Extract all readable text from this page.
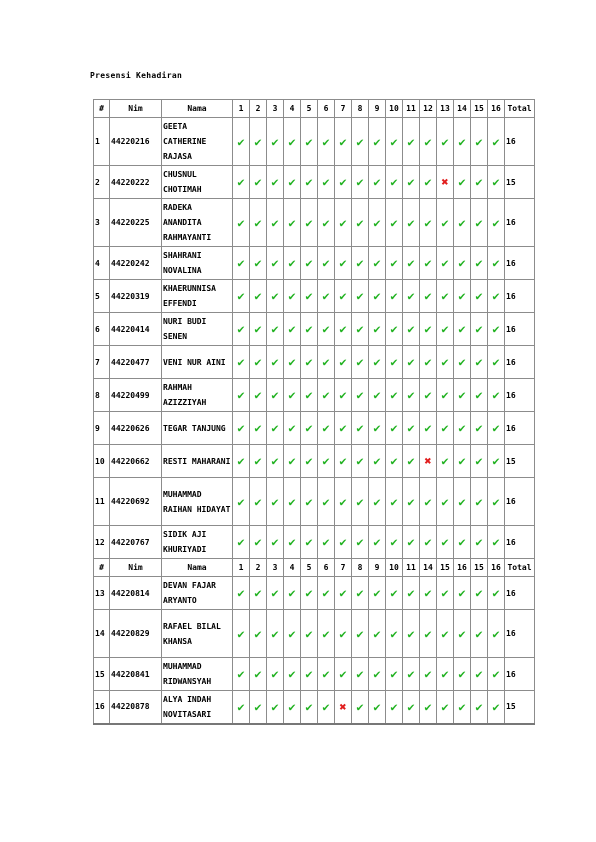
Presensi Kehadiran
#	Nim	Nama	1	2	3	4	5	6	7	8	9	10	11	12	13	14	15	16	Total
1	44220216	GEETA CATHERINE RAJASA	✔	✔	✔	✔	✔	✔	✔	✔	✔	✔	✔	✔	✔	✔	✔	✔	16
2	44220222	CHUSNUL CHOTIMAH	✔	✔	✔	✔	✔	✔	✔	✔	✔	✔	✔	✔	✖	✔	✔	✔	15
3	44220225	RADEKA ANANDITA RAHMAYANTI	✔	✔	✔	✔	✔	✔	✔	✔	✔	✔	✔	✔	✔	✔	✔	✔	16
4	44220242	SHAHRANI NOVALINA	✔	✔	✔	✔	✔	✔	✔	✔	✔	✔	✔	✔	✔	✔	✔	✔	16
5	44220319	KHAERUNNISA EFFENDI	✔	✔	✔	✔	✔	✔	✔	✔	✔	✔	✔	✔	✔	✔	✔	✔	16
6	44220414	NURI BUDI SENEN	✔	✔	✔	✔	✔	✔	✔	✔	✔	✔	✔	✔	✔	✔	✔	✔	16
7	44220477	VENI NUR AINI	✔	✔	✔	✔	✔	✔	✔	✔	✔	✔	✔	✔	✔	✔	✔	✔	16
8	44220499	RAHMAH AZIZZIYAH	✔	✔	✔	✔	✔	✔	✔	✔	✔	✔	✔	✔	✔	✔	✔	✔	16
9	44220626	TEGAR TANJUNG	✔	✔	✔	✔	✔	✔	✔	✔	✔	✔	✔	✔	✔	✔	✔	✔	16
10	44220662	RESTI MAHARANI	✔	✔	✔	✔	✔	✔	✔	✔	✔	✔	✔	✖	✔	✔	✔	✔	15
11	44220692	MUHAMMAD RAIHAN HIDAYAT	✔	✔	✔	✔	✔	✔	✔	✔	✔	✔	✔	✔	✔	✔	✔	✔	16
12	44220767	SIDIK AJI KHURIYADI	✔	✔	✔	✔	✔	✔	✔	✔	✔	✔	✔	✔	✔	✔	✔	✔	16
#	Nim	Nama	1	2	3	4	5	6	7	8	9	10	11	14	15	16	15	16	Total
13	44220814	DEVAN FAJAR ARYANTO	✔	✔	✔	✔	✔	✔	✔	✔	✔	✔	✔	✔	✔	✔	✔	✔	16
14	44220829	RAFAEL BILAL KHANSA	✔	✔	✔	✔	✔	✔	✔	✔	✔	✔	✔	✔	✔	✔	✔	✔	16
15	44220841	MUHAMMAD RIDWANSYAH	✔	✔	✔	✔	✔	✔	✔	✔	✔	✔	✔	✔	✔	✔	✔	✔	16
16	44220878	ALYA INDAH NOVITASARI	✔	✔	✔	✔	✔	✔	✖	✔	✔	✔	✔	✔	✔	✔	✔	✔	15
